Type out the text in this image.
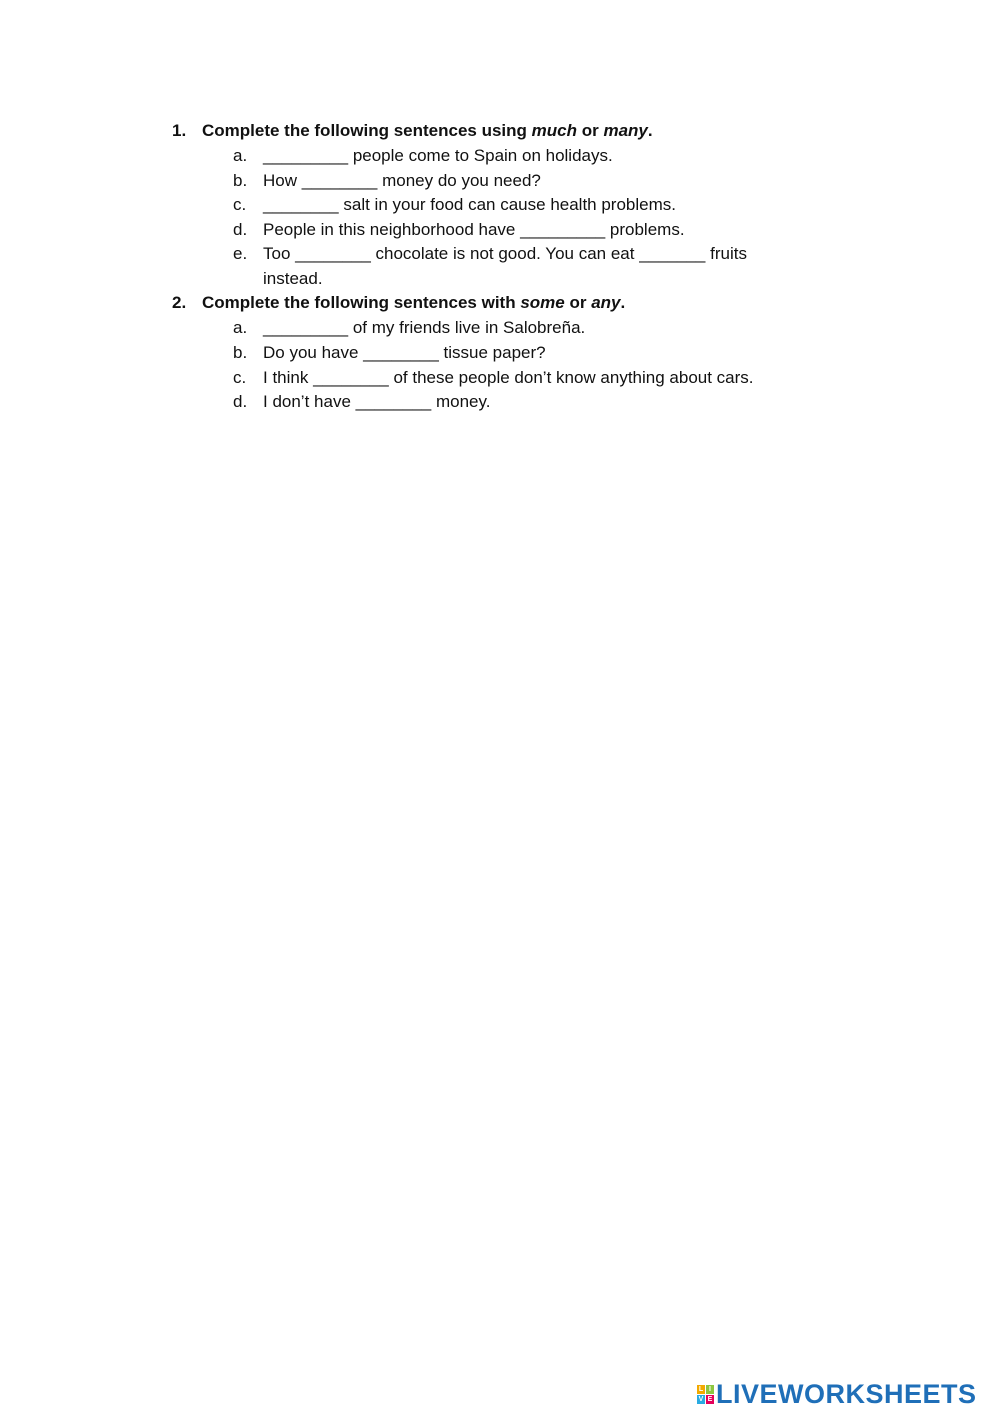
1. Complete the following sentences using much or many.
a. _________ people come to Spain on holidays.
b. How ________ money do you need?
c. ________ salt in your food can cause health problems.
d. People in this neighborhood have _________ problems.
e. Too ________ chocolate is not good. You can eat _______ fruits instead.
2. Complete the following sentences with some or any.
a. _________ of my friends live in Salobreña.
b. Do you have ________ tissue paper?
c. I think ________ of these people don’t know anything about cars.
d. I don’t have ________ money.
L I
V E LIVEWORKSHEETS
